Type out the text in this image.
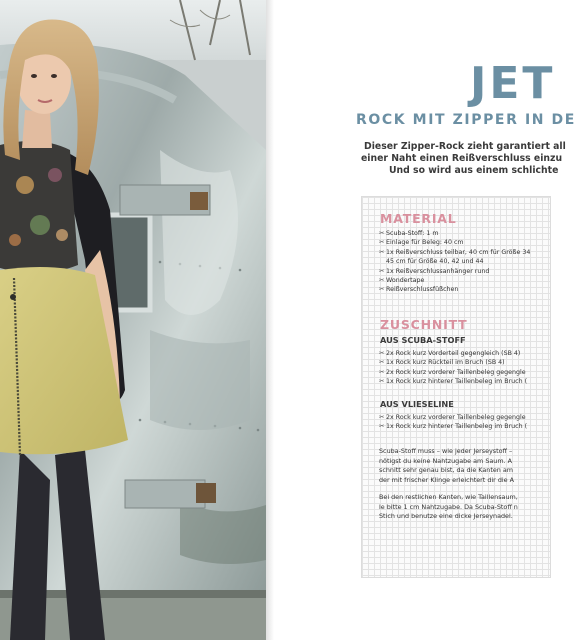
JET
ROCK MIT ZIPPER IN DE
Dieser Zipper-Rock zieht garantiert all
einer Naht einen Reißverschluss einzu
Und so wird aus einem schlichte
MATERIAL
✂ Scuba-Stoff: 1 m
✂ Einlage für Beleg: 40 cm
✂ 1x Reißverschluss teilbar, 40 cm für Größe 34
45 cm für Größe 40, 42 und 44
✂ 1x Reißverschlussanhänger rund
✂ Wondertape
✂ Reißverschlussfüßchen
ZUSCHNITT
AUS SCUBA-STOFF
✂ 2x Rock kurz Vorderteil gegengleich (SB 4)
✂ 1x Rock kurz Rückteil im Bruch (SB 4)
✂ 2x Rock kurz vorderer Taillenbeleg gegengle
✂ 1x Rock kurz hinterer Taillenbeleg im Bruch (
AUS VLIESELINE
✂ 2x Rock kurz vorderer Taillenbeleg gegengle
✂ 1x Rock kurz hinterer Taillenbeleg im Bruch (
Scuba-Stoff muss – wie jeder Jerseystoff –
nötigst du keine Nahtzugabe am Saum. A
schnitt sehr genau bist, da die Kanten am
der mit frischer Klinge erleichtert dir die A
Bei den restlichen Kanten, wie Taillensaum,
le bitte 1 cm Nahtzugabe. Da Scuba-Stoff n
Stich und benutze eine dicke Jerseynadel.
